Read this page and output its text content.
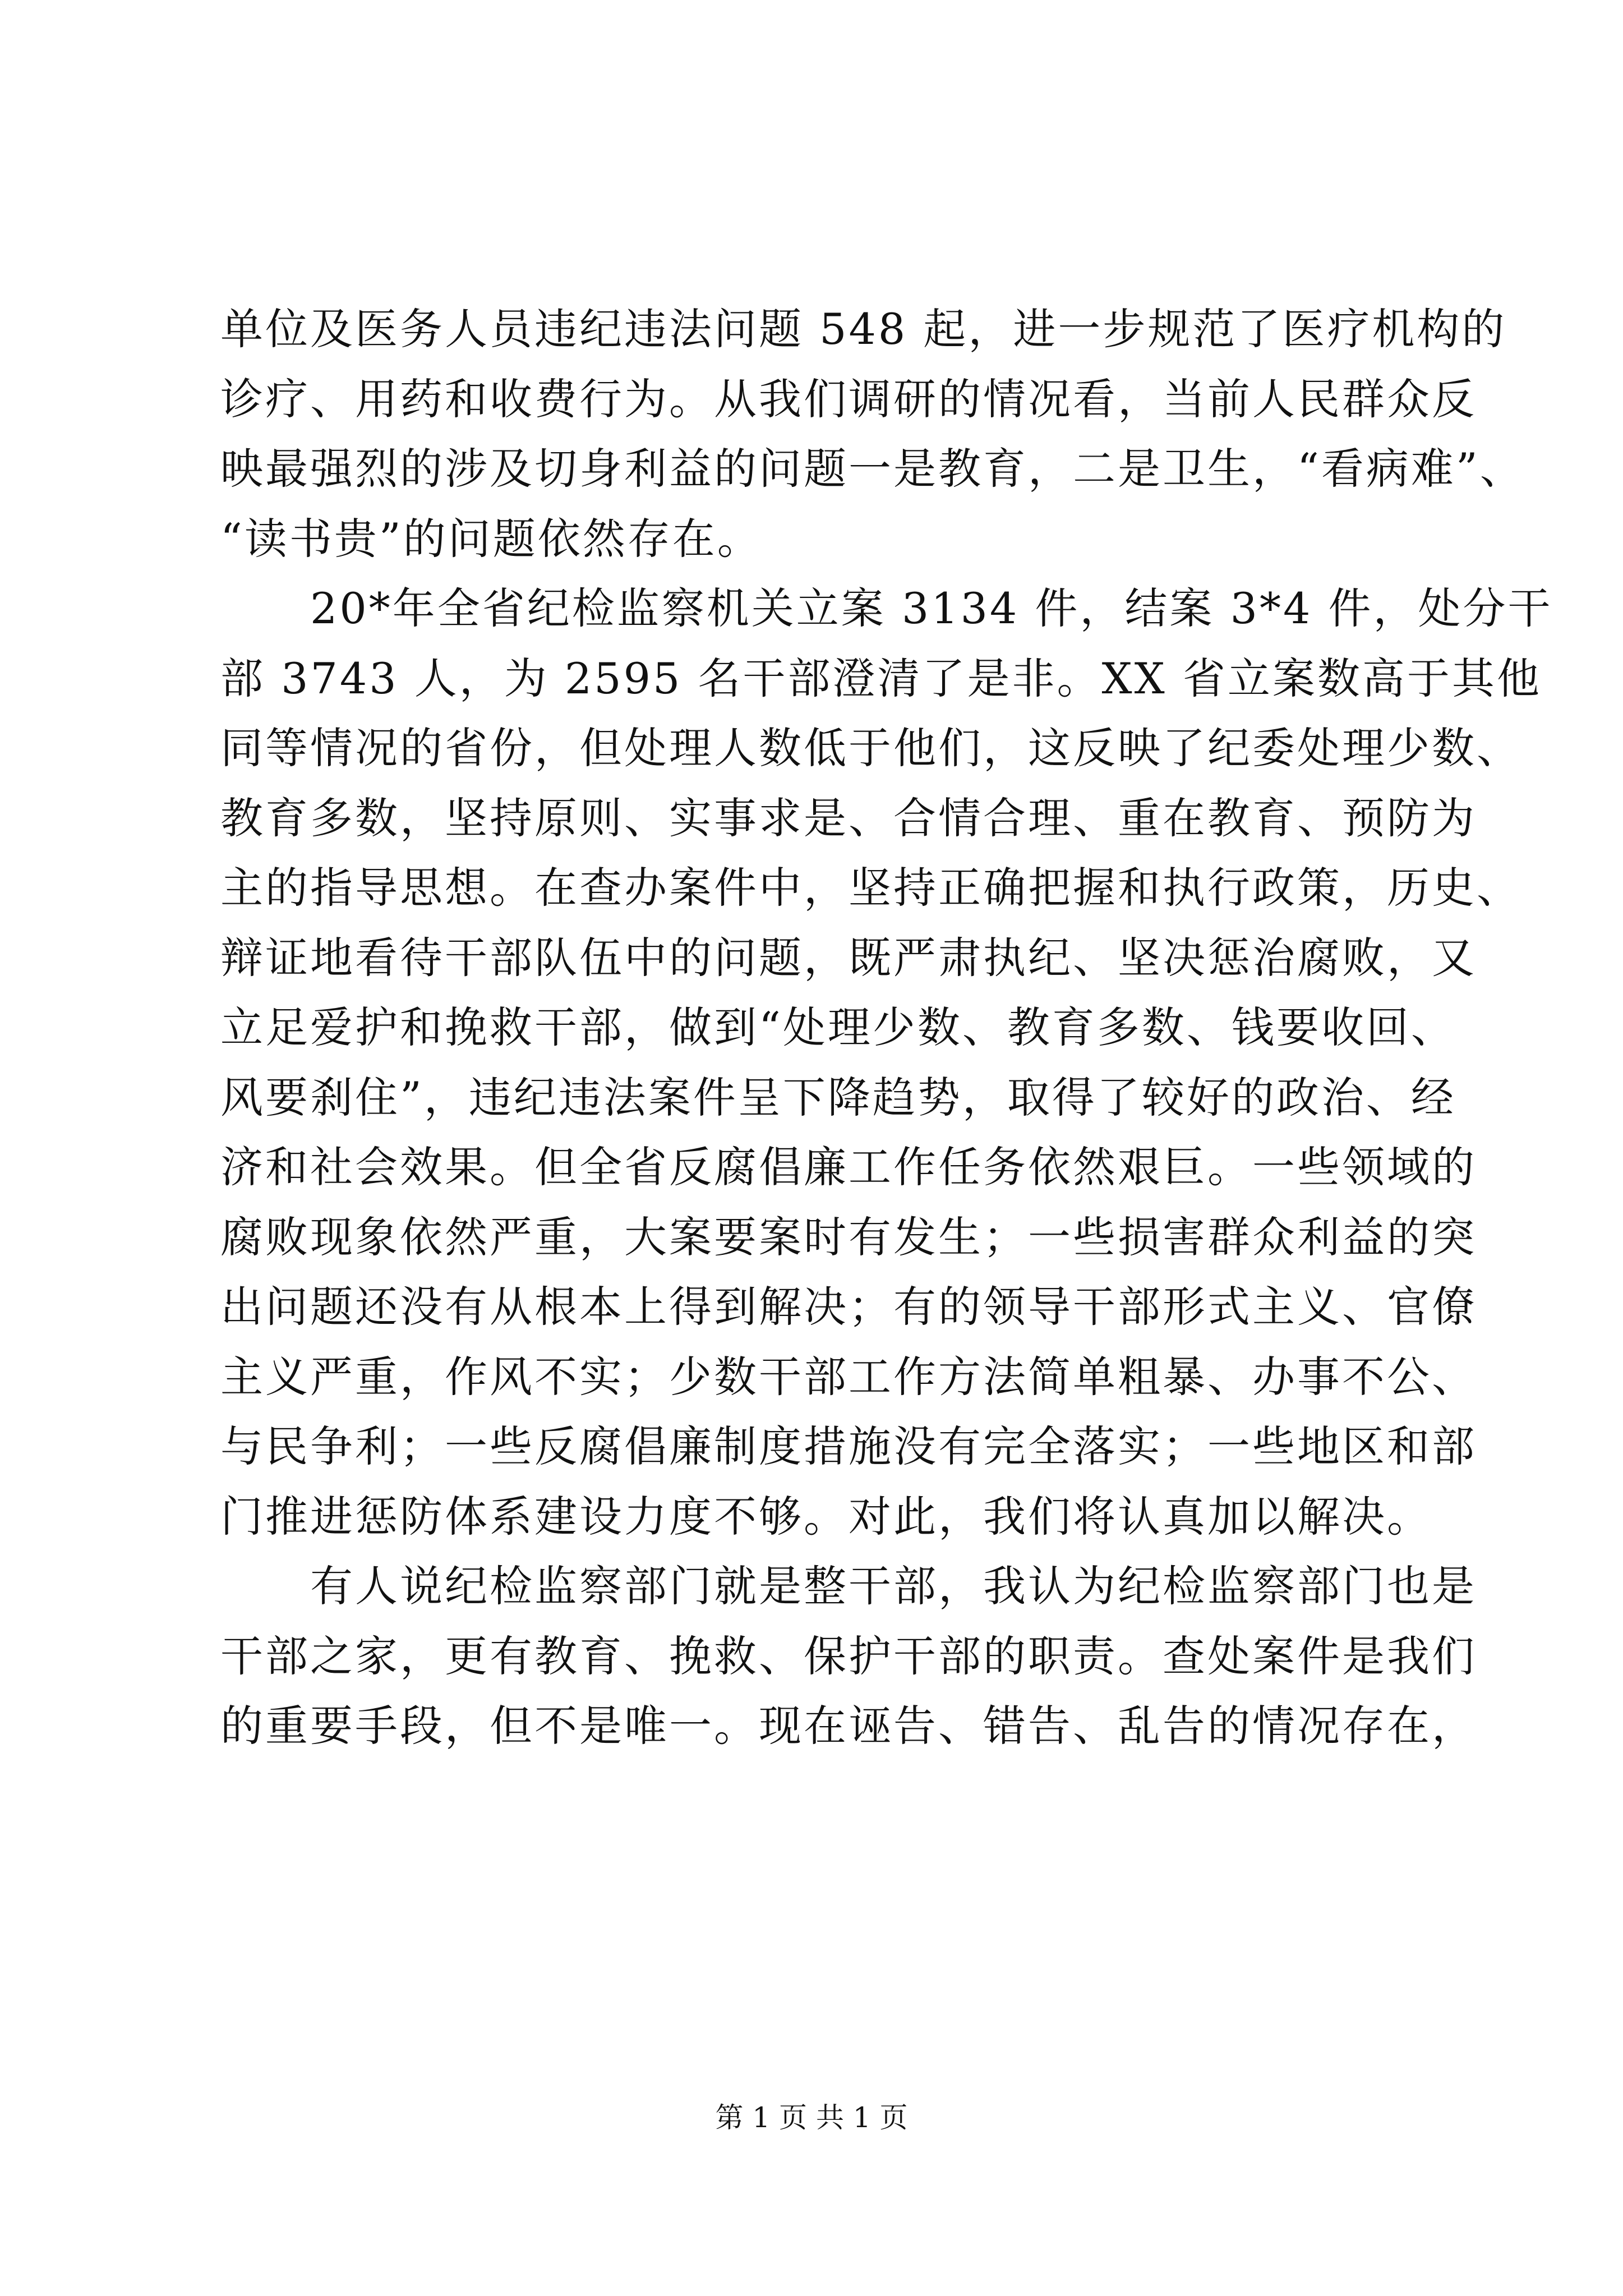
单位及医务人员违纪违法问题 548 起，进一步规范了医疗机构的
诊疗、用药和收费行为。从我们调研的情况看，当前人民群众反
映最强烈的涉及切身利益的问题一是教育，二是卫生，“看病难”、
“读书贵”的问题依然存在。
　　20*年全省纪检监察机关立案 3134 件，结案 3*4 件，处分干
部 3743 人，为 2595 名干部澄清了是非。XX 省立案数高于其他
同等情况的省份，但处理人数低于他们，这反映了纪委处理少数、
教育多数，坚持原则、实事求是、合情合理、重在教育、预防为
主的指导思想。在查办案件中，坚持正确把握和执行政策，历史、
辩证地看待干部队伍中的问题，既严肃执纪、坚决惩治腐败，又
立足爱护和挽救干部，做到“处理少数、教育多数、钱要收回、
风要刹住”，违纪违法案件呈下降趋势，取得了较好的政治、经
济和社会效果。但全省反腐倡廉工作任务依然艰巨。一些领域的
腐败现象依然严重，大案要案时有发生；一些损害群众利益的突
出问题还没有从根本上得到解决；有的领导干部形式主义、官僚
主义严重，作风不实；少数干部工作方法简单粗暴、办事不公、
与民争利；一些反腐倡廉制度措施没有完全落实；一些地区和部
门推进惩防体系建设力度不够。对此，我们将认真加以解决。
　　有人说纪检监察部门就是整干部，我认为纪检监察部门也是
干部之家，更有教育、挽救、保护干部的职责。查处案件是我们
的重要手段，但不是唯一。现在诬告、错告、乱告的情况存在，
第 1 页 共 1 页
